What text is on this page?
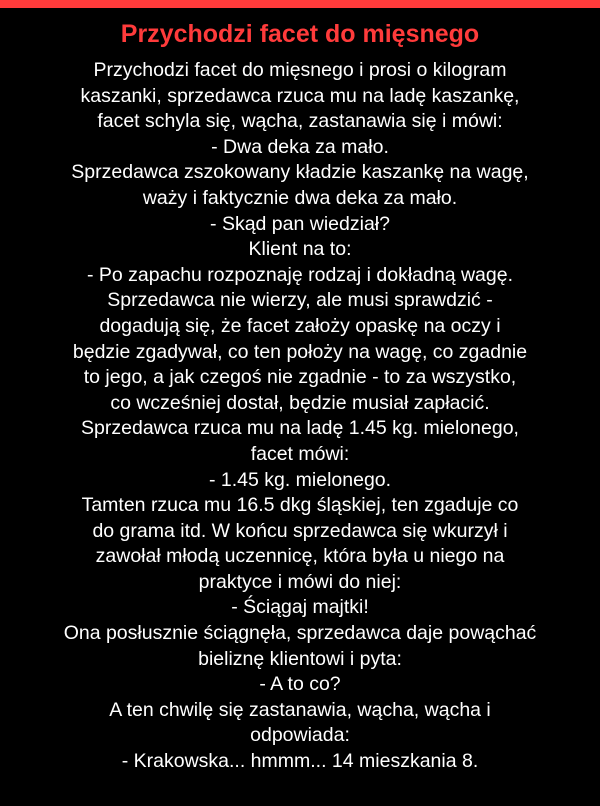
Przychodzi facet do mięsnego
Przychodzi facet do mięsnego i prosi o kilogram
kaszanki, sprzedawca rzuca mu na ladę kaszankę,
facet schyla się, wącha, zastanawia się i mówi:
- Dwa deka za mało.
Sprzedawca zszokowany kładzie kaszankę na wagę,
waży i faktycznie dwa deka za mało.
- Skąd pan wiedział?
Klient na to:
- Po zapachu rozpoznaję rodzaj i dokładną wagę.
Sprzedawca nie wierzy, ale musi sprawdzić -
dogadują się, że facet założy opaskę na oczy i
będzie zgadywał, co ten położy na wagę, co zgadnie
to jego, a jak czegoś nie zgadnie - to za wszystko,
co wcześniej dostał, będzie musiał zapłacić.
Sprzedawca rzuca mu na ladę 1.45 kg. mielonego,
facet mówi:
- 1.45 kg. mielonego.
Tamten rzuca mu 16.5 dkg śląskiej, ten zgaduje co
do grama itd. W końcu sprzedawca się wkurzył i
zawołał młodą uczennicę, która była u niego na
praktyce i mówi do niej:
- Ściągaj majtki!
Ona posłusznie ściągnęła, sprzedawca daje powąchać
bieliznę klientowi i pyta:
- A to co?
A ten chwilę się zastanawia, wącha, wącha i
odpowiada:
- Krakowska... hmmm... 14 mieszkania 8.
